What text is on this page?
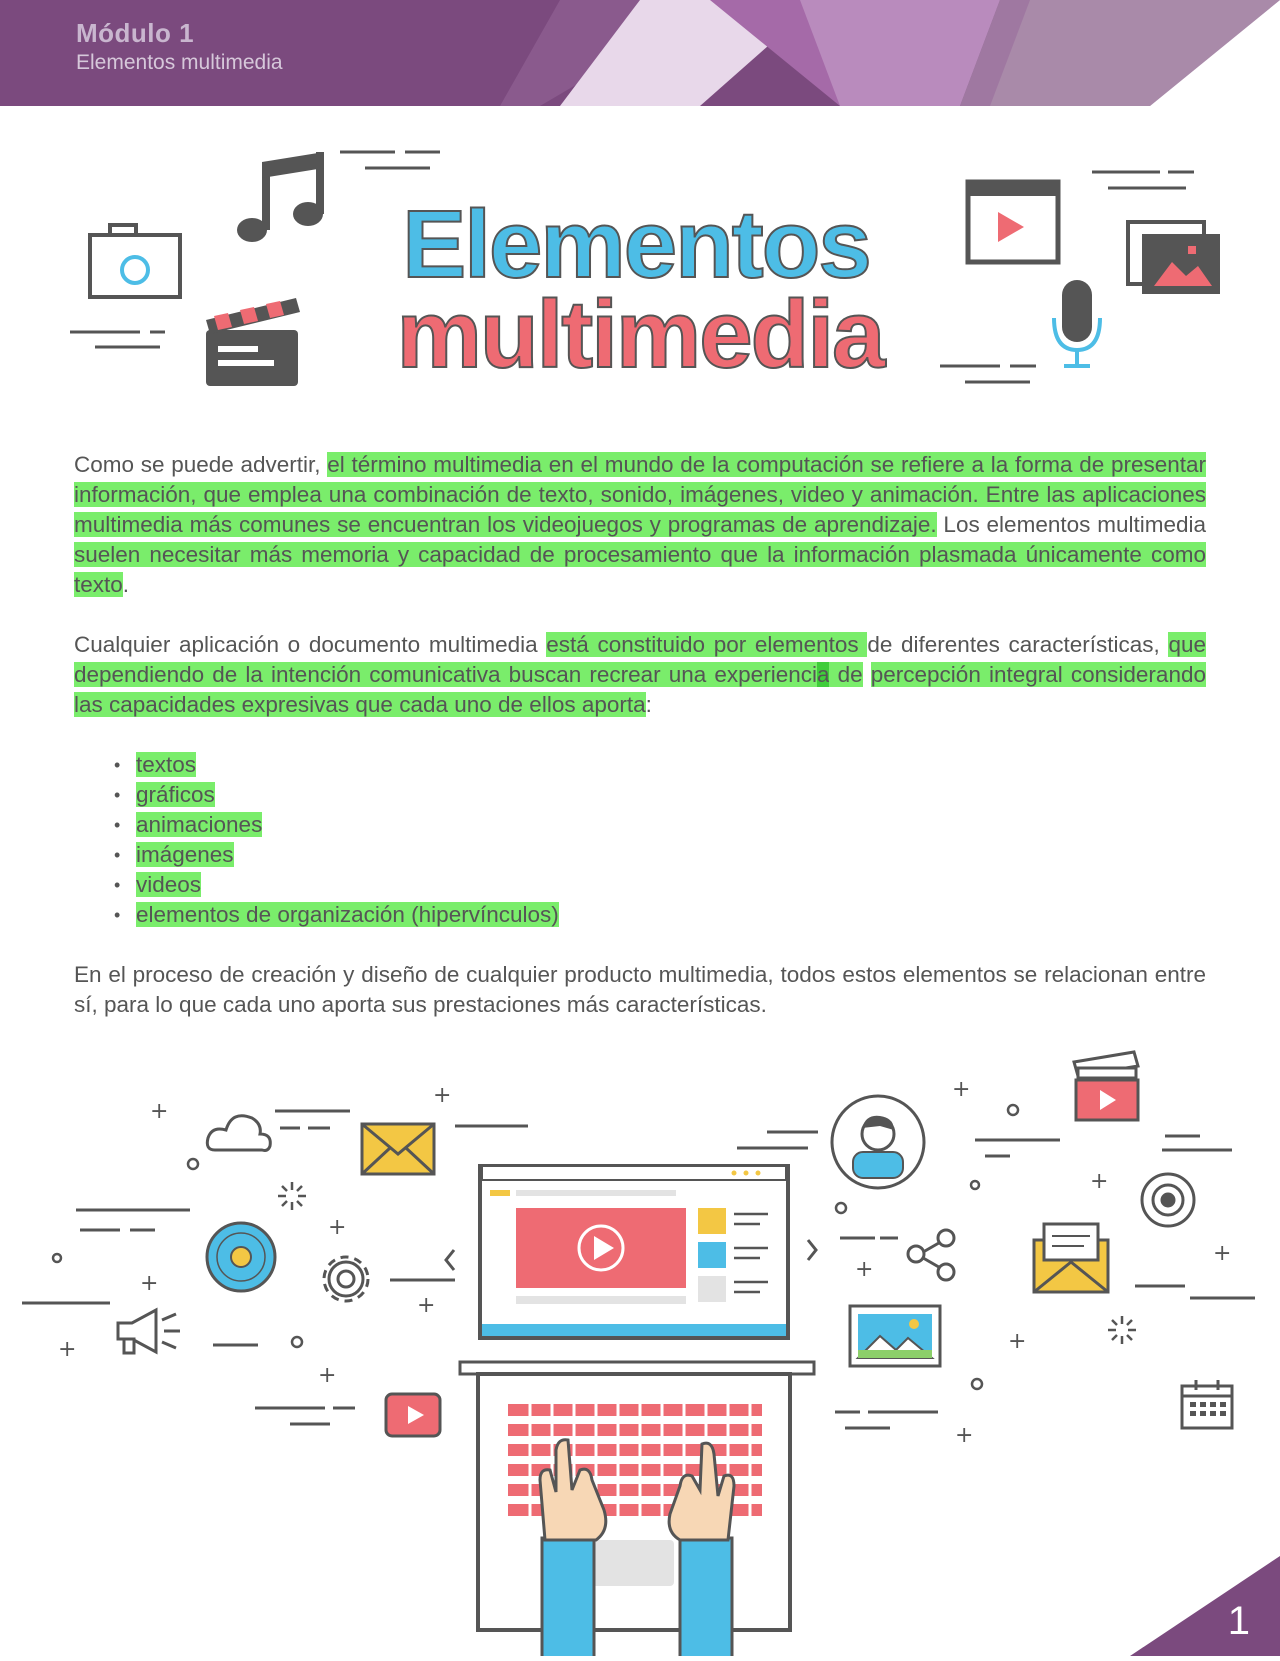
Módulo 1
Elementos multimedia
Elementos
multimedia

Como se puede advertir, el término multimedia en el mundo de la computación se refiere a la forma de presentar información, que emplea una combinación de texto, sonido, imágenes, video y animación. Entre las aplicaciones multimedia más comunes se encuentran los videojuegos y programas de aprendizaje. Los elementos multimedia suelen necesitar más memoria y capacidad de procesamiento que la información plasmada únicamente como texto.

Cualquier aplicación o documento multimedia está constituido por elementos de diferentes características, que dependiendo de la intención comunicativa buscan recrear una experiencia de percepción integral considerando las capacidades expresivas que cada uno de ellos aporta:

• textos
• gráficos
• animaciones
• imágenes
• videos
• elementos de organización (hipervínculos)

En el proceso de creación y diseño de cualquier producto multimedia, todos estos elementos se relacionan entre sí, para lo que cada uno aporta sus prestaciones más características.

+
+
+
+
+
+
+
+
+
+
+
+
+
1
